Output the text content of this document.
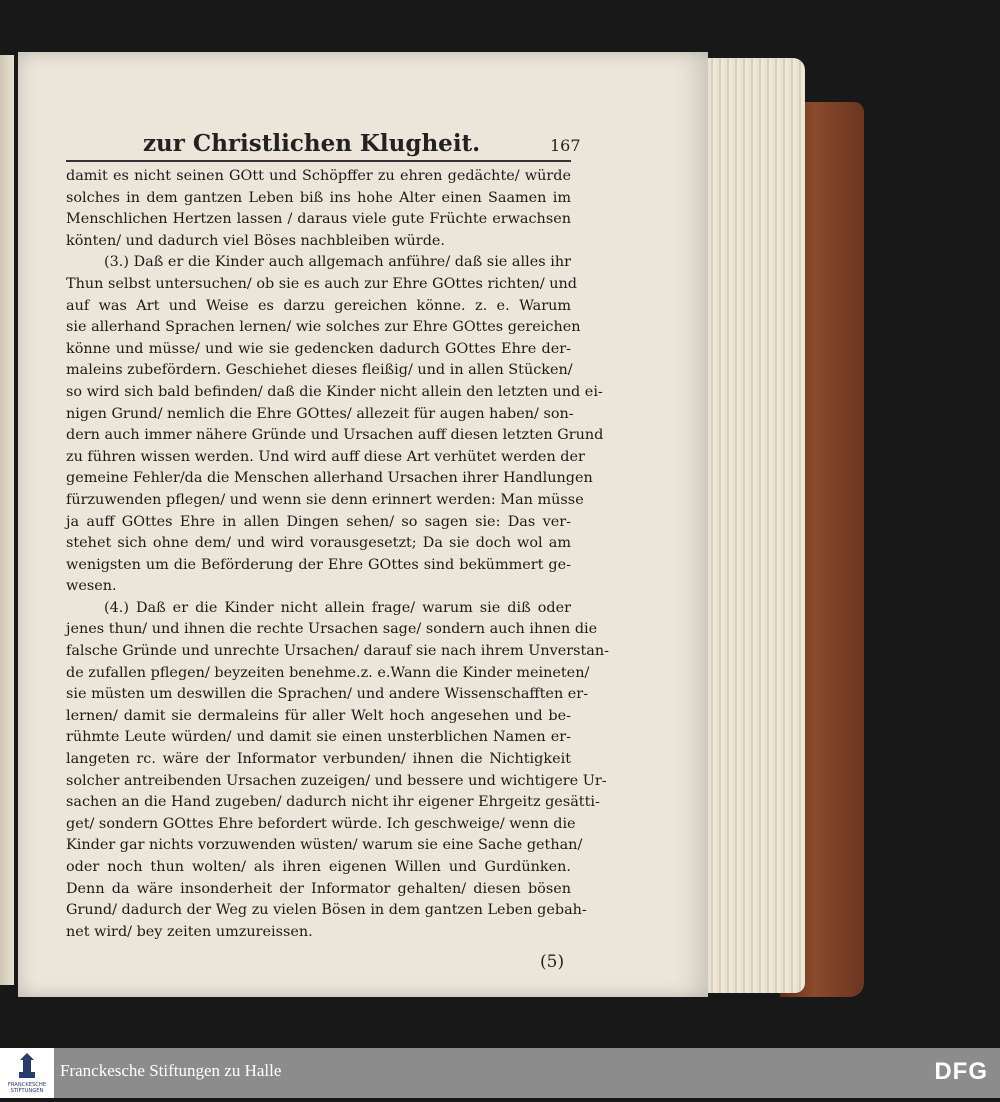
zur Christlichen Klugheit.	167
damit es nicht seinen GOtt und Schöpffer zu ehren gedächte/ würde
solches in dem gantzen Leben biß ins hohe Alter einen Saamen im
Menschlichen Hertzen lassen / daraus viele gute Früchte erwachsen
könten/ und dadurch viel Böses nachbleiben würde.
(3.) Daß er die Kinder auch allgemach anführe/ daß sie alles ihr
Thun selbst untersuchen/ ob sie es auch zur Ehre GOttes richten/ und
auf was Art und Weise es darzu gereichen könne. z. e. Warum
sie allerhand Sprachen lernen/ wie solches zur Ehre GOttes gereichen
könne und müsse/ und wie sie gedencken dadurch GOttes Ehre der-
maleins zubefördern. Geschiehet dieses fleißig/ und in allen Stücken/
so wird sich bald befinden/ daß die Kinder nicht allein den letzten und ei-
nigen Grund/ nemlich die Ehre GOttes/ allezeit für augen haben/ son-
dern auch immer nähere Gründe und Ursachen auff diesen letzten Grund
zu führen wissen werden. Und wird auff diese Art verhütet werden der
gemeine Fehler/da die Menschen allerhand Ursachen ihrer Handlungen
fürzuwenden pflegen/ und wenn sie denn erinnert werden: Man müsse
ja auff GOttes Ehre in allen Dingen sehen/ so sagen sie: Das ver-
stehet sich ohne dem/ und wird vorausgesetzt; Da sie doch wol am
wenigsten um die Beförderung der Ehre GOttes sind bekümmert ge-
wesen.
(4.) Daß er die Kinder nicht allein frage/ warum sie diß oder
jenes thun/ und ihnen die rechte Ursachen sage/ sondern auch ihnen die
falsche Gründe und unrechte Ursachen/ darauf sie nach ihrem Unverstan-
de zufallen pflegen/ beyzeiten benehme.z. e.Wann die Kinder meineten/
sie müsten um deswillen die Sprachen/ und andere Wissenschafften er-
lernen/ damit sie dermaleins für aller Welt hoch angesehen und be-
rühmte Leute würden/ und damit sie einen unsterblichen Namen er-
langeten rc. wäre der Informator verbunden/ ihnen die Nichtigkeit
solcher antreibenden Ursachen zuzeigen/ und bessere und wichtigere Ur-
sachen an die Hand zugeben/ dadurch nicht ihr eigener Ehrgeitz gesätti-
get/ sondern GOttes Ehre befordert würde. Ich geschweige/ wenn die
Kinder gar nichts vorzuwenden wüsten/ warum sie eine Sache gethan/
oder noch thun wolten/ als ihren eigenen Willen und Gurdünken.
Denn da wäre insonderheit der Informator gehalten/ diesen bösen
Grund/ dadurch der Weg zu vielen Bösen in dem gantzen Leben gebah-
net wird/ bey zeiten umzureissen.
(5)
FRANCKESCHE
STIFTUNGEN
Franckesche Stiftungen zu Halle	DFG
